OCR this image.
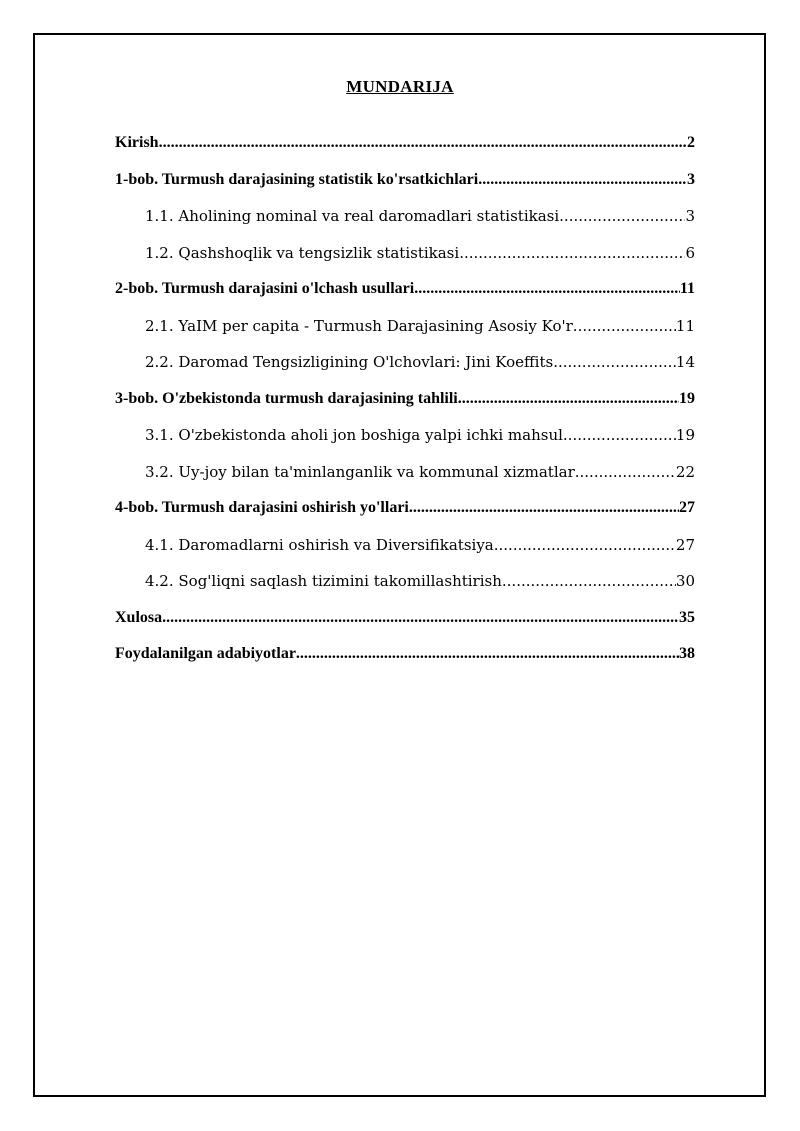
MUNDARIJA
Kirish .....	2
1-bob. Turmush darajasining statistik ko'rsatkichlari .....	3
1.1. Aholining nominal va real daromadlari statistikasi .....	3
1.2. Qashshoqlik va tengsizlik statistikasi .....	6
2-bob. Turmush darajasini o'lchash usullari .....	11
2.1. YaIM per capita - Turmush Darajasining Asosiy Ko'r .....	11
2.2. Daromad Tengsizligining O'lchovlari: Jini Koeffits .....	14
3-bob. O'zbekistonda turmush darajasining tahlili .....	19
3.1. O'zbekistonda aholi jon boshiga yalpi ichki mahsul .....	19
3.2. Uy-joy bilan ta'minlanganlik va kommunal xizmatlar .....	22
4-bob. Turmush darajasini oshirish yo'llari .....	27
4.1. Daromadlarni oshirish va Diversifikatsiya .....	27
4.2. Sog'liqni saqlash tizimini takomillashtirish .....	30
Xulosa .....	35
Foydalanilgan adabiyotlar .....	38
